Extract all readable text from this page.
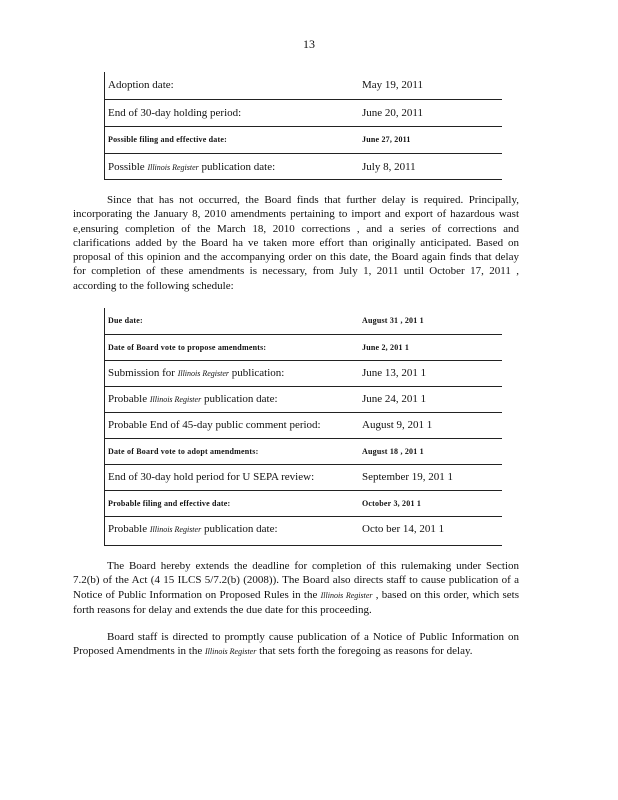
13
Adoption date:	May 19, 2011
End of 30-day holding period:	June 20, 2011
Possible filing and effective date:	June 27, 2011
Possible Illinois Register publication date:	July 8, 2011

Since that has not occurred, the Board finds that further delay is required. Principally, incorporating the January 8, 2010 amendments pertaining to import and export of hazardous wast e,ensuring completion of the March 18, 2010 corrections , and a series of corrections and clarifications added by the Board ha ve taken more effort than originally anticipated. Based on proposal of this opinion and the accompanying order on this date, the Board again finds that delay for completion of these amendments is necessary, from July 1, 2011 until October 17, 2011 , according to the following schedule:

Due date:	August 31 , 201 1
Date of Board vote to propose amendments:	June 2, 201 1
Submission for Illinois Register publication:	June 13, 201 1
Probable Illinois Register publication date:	June 24, 201 1
Probable End of 45-day public comment period:	August 9, 201 1
Date of Board vote to adopt amendments:	August 18 , 201 1
End of 30-day hold period for U SEPA review:	September 19, 201 1
Probable filing and effective date:	October 3, 201 1
Probable Illinois Register publication date:	Octo ber 14, 201 1

The Board hereby extends the deadline for completion of this rulemaking under Section 7.2(b) of the Act (4 15 ILCS 5/7.2(b) (2008)). The Board also directs staff to cause publication of a Notice of Public Information on Proposed Rules in the Illinois Register , based on this order, which sets forth reasons for delay and extends the due date for this proceeding.

Board staff is directed to promptly cause publication of a Notice of Public Information on Proposed Amendments in the Illinois Register that sets forth the foregoing as reasons for delay.
